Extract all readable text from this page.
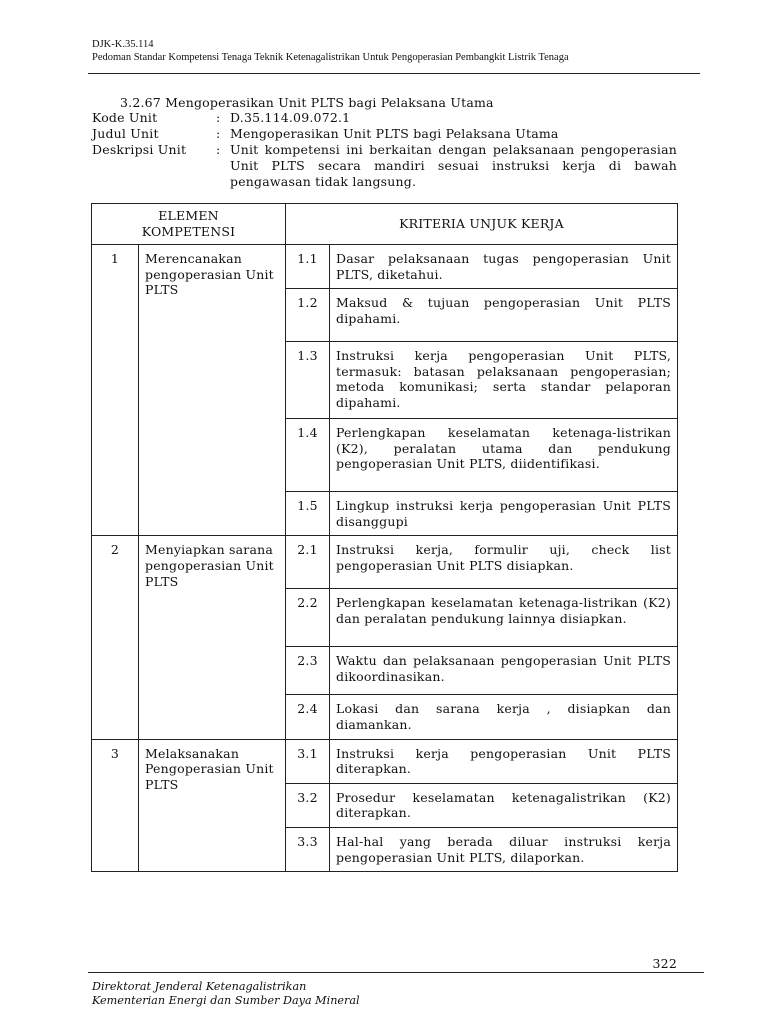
DJK-K.35.114
Pedoman Standar Kompetensi Tenaga Teknik Ketenagalistrikan Untuk Pengoperasian Pembangkit Listrik Tenaga
3.2.67 Mengoperasikan Unit PLTS bagi Pelaksana Utama
Kode Unit	: D.35.114.09.072.1
Judul Unit	: Mengoperasikan Unit PLTS bagi Pelaksana Utama
Deskripsi Unit	: Unit kompetensi ini berkaitan dengan pelaksanaan pengoperasian Unit PLTS secara mandiri sesuai instruksi kerja di bawah pengawasan tidak langsung.
ELEMEN KOMPETENSI		KRITERIA UNJUK KERJA	
1	Merencanakan pengoperasian Unit PLTS	1.1	Dasar pelaksanaan tugas pengoperasian Unit PLTS, diketahui.
		1.2	Maksud & tujuan pengoperasian Unit PLTS dipahami.
		1.3	Instruksi kerja pengoperasian Unit PLTS, termasuk: batasan pelaksanaan pengoperasian; metoda komunikasi; serta standar pelaporan dipahami.
		1.4	Perlengkapan keselamatan ketenaga-listrikan (K2), peralatan utama dan pendukung pengoperasian Unit PLTS, diidentifikasi.
		1.5	Lingkup instruksi kerja pengoperasian Unit PLTS disanggupi
2	Menyiapkan sarana pengoperasian Unit PLTS	2.1	Instruksi kerja, formulir uji, check list pengoperasian Unit PLTS disiapkan.
		2.2	Perlengkapan keselamatan ketenaga-listrikan (K2) dan peralatan pendukung lainnya disiapkan.
		2.3	Waktu dan pelaksanaan pengoperasian Unit PLTS dikoordinasikan.
		2.4	Lokasi dan sarana kerja , disiapkan dan diamankan.
3	Melaksanakan Pengoperasian Unit PLTS	3.1	Instruksi kerja pengoperasian Unit PLTS diterapkan.
		3.2	Prosedur keselamatan ketenagalistrikan (K2) diterapkan.
		3.3	Hal-hal yang berada diluar instruksi kerja pengoperasian Unit PLTS, dilaporkan.
322
Direktorat Jenderal Ketenagalistrikan
Kementerian Energi dan Sumber Daya Mineral
